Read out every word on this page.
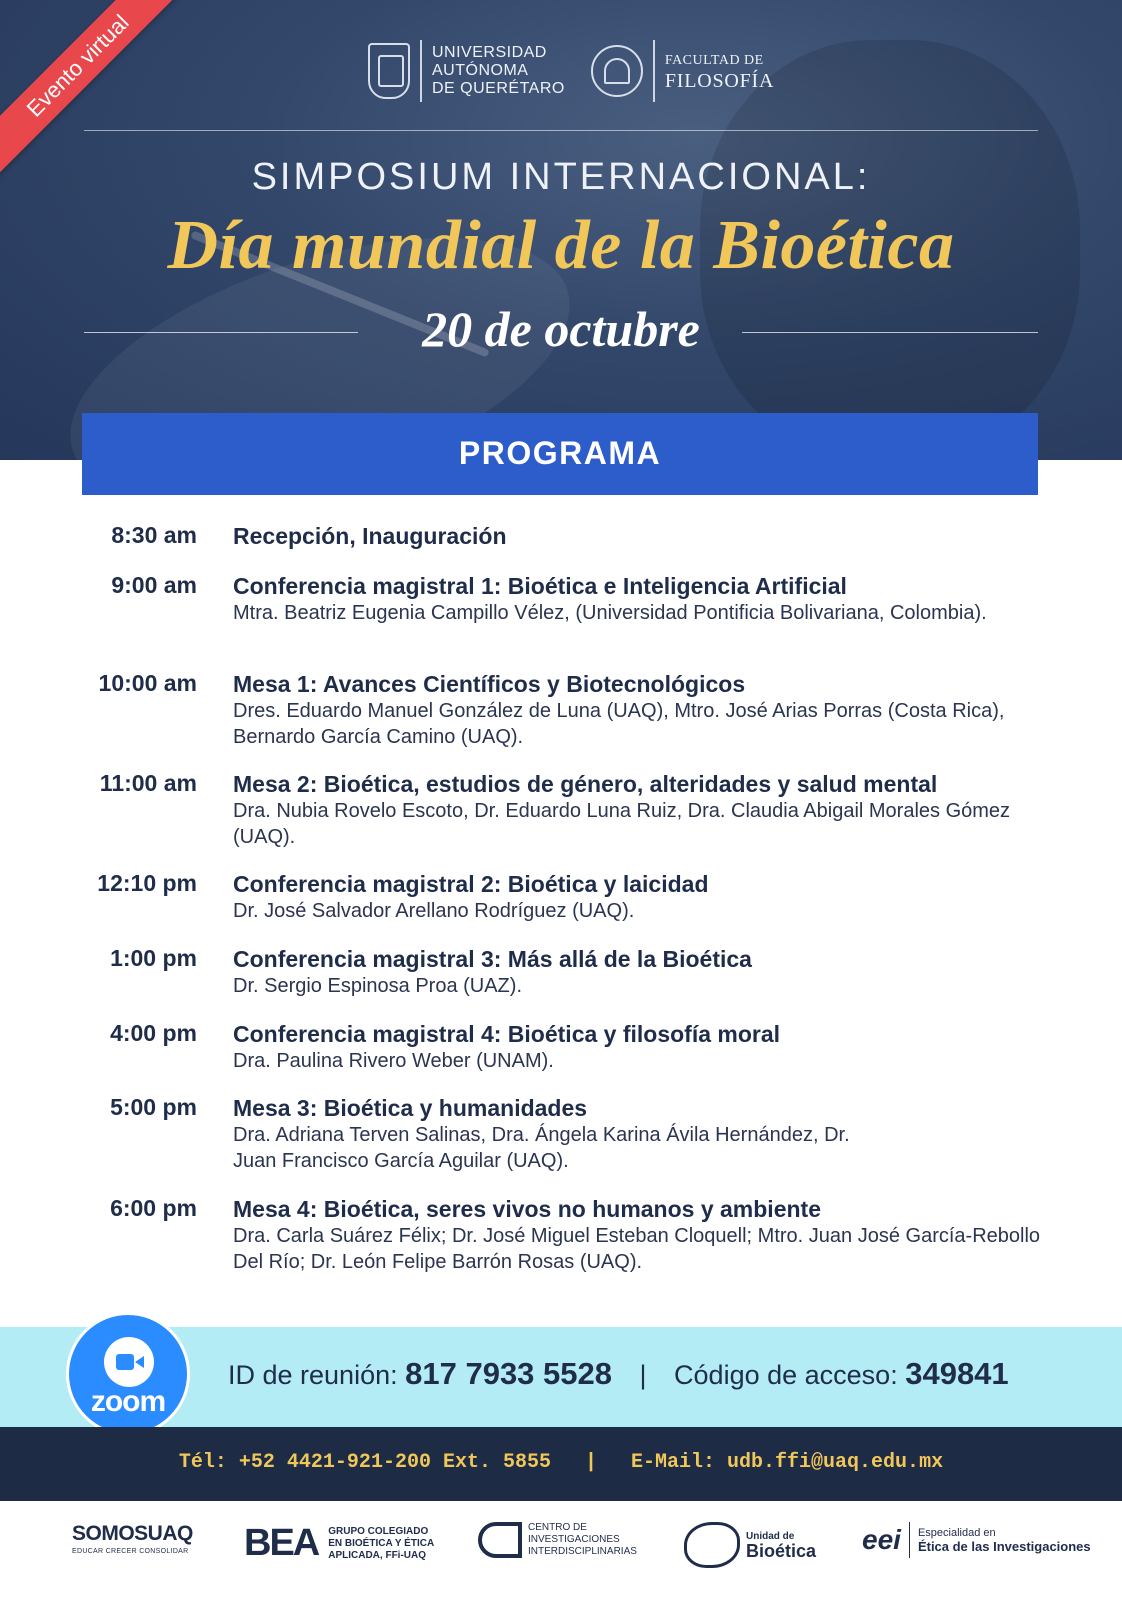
Evento virtual	UNIVERSIDAD
AUTÓNOMA
DE QUERÉTARO
FACULTAD DE
FILOSOFÍA
SIMPOSIUM INTERNACIONAL:
Día mundial de la Bioética
20 de octubre
PROGRAMA
8:30 am Recepción, Inauguración
9:00 am Conferencia magistral 1: Bioética e Inteligencia Artificial
Mtra. Beatriz Eugenia Campillo Vélez, (Universidad Pontificia Bolivariana, Colombia).
10:00 am Mesa 1: Avances Científicos y Biotecnológicos
Dres. Eduardo Manuel González de Luna (UAQ), Mtro. José Arias Porras (Costa Rica), Bernardo García Camino (UAQ).
11:00 am Mesa 2: Bioética, estudios de género, alteridades y salud mental
Dra. Nubia Rovelo Escoto, Dr. Eduardo Luna Ruiz, Dra. Claudia Abigail Morales Gómez (UAQ).
12:10 pm Conferencia magistral 2: Bioética y laicidad
Dr. José Salvador Arellano Rodríguez (UAQ).
1:00 pm Conferencia magistral 3: Más allá de la Bioética
Dr. Sergio Espinosa Proa (UAZ).
4:00 pm Conferencia magistral 4: Bioética y filosofía moral
Dra. Paulina Rivero Weber (UNAM).
5:00 pm Mesa 3: Bioética y humanidades
Dra. Adriana Terven Salinas, Dra. Ángela Karina Ávila Hernández, Dr. Juan Francisco García Aguilar (UAQ).
6:00 pm Mesa 4: Bioética, seres vivos no humanos y ambiente
Dra. Carla Suárez Félix; Dr. José Miguel Esteban Cloquell; Mtro. Juan José García-Rebollo Del Río; Dr. León Felipe Barrón Rosas (UAQ).
zoom
ID de reunión: 817 7933 5528 | Código de acceso: 349841
Tél: +52 4421-921-200 Ext. 5855 | E-Mail: udb.ffi@uaq.edu.mx
SOMOSUAQ
EDUCAR CRECER CONSOLIDAR BEA GRUPO COLEGIADO
EN BIOÉTICA Y ÉTICA
APLICADA, FFi-UAQ
CENTRO DE
INVESTIGACIONES
INTERDISCIPLINARIAS
Unidad de
Bioética eei Especialidad en
Ética de las Investigaciones
